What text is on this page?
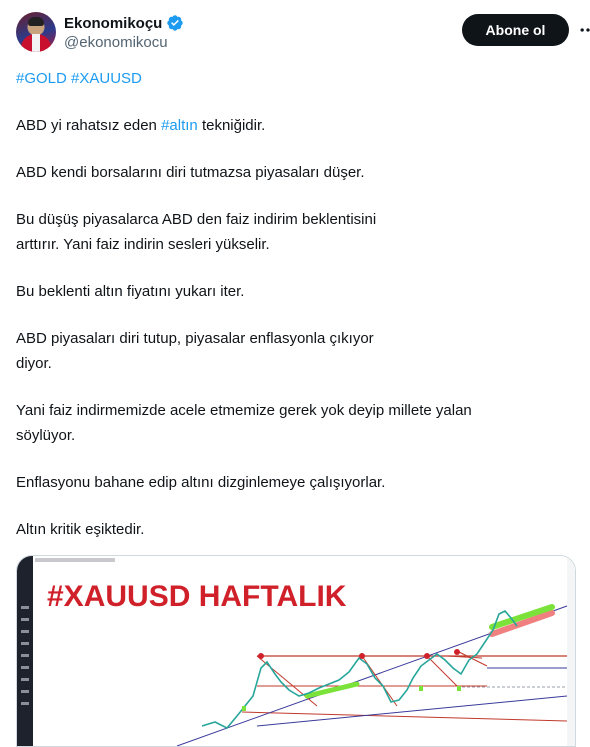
Ekonomikoçu
@ekonomikocu
Abone ol

#GOLD #XAUUSD

ABD yi rahatsız eden #altın tekniğidir.

ABD kendi borsalarını diri tutmazsa piyasaları düşer.

Bu düşüş piyasalarca ABD den faiz indirim beklentisini

arttırır. Yani faiz indirin sesleri yükselir.

Bu beklenti altın fiyatını yukarı iter.

ABD piyasaları diri tutup, piyasalar enflasyonla çıkıyor

diyor.

Yani faiz indirmemizde acele etmemize gerek yok deyip millete yalan

söylüyor.

Enflasyonu bahane edip altını dizginlemeye çalışıyorlar.

Altın kritik eşiktedir.

#XAUUSD HAFTALIK
